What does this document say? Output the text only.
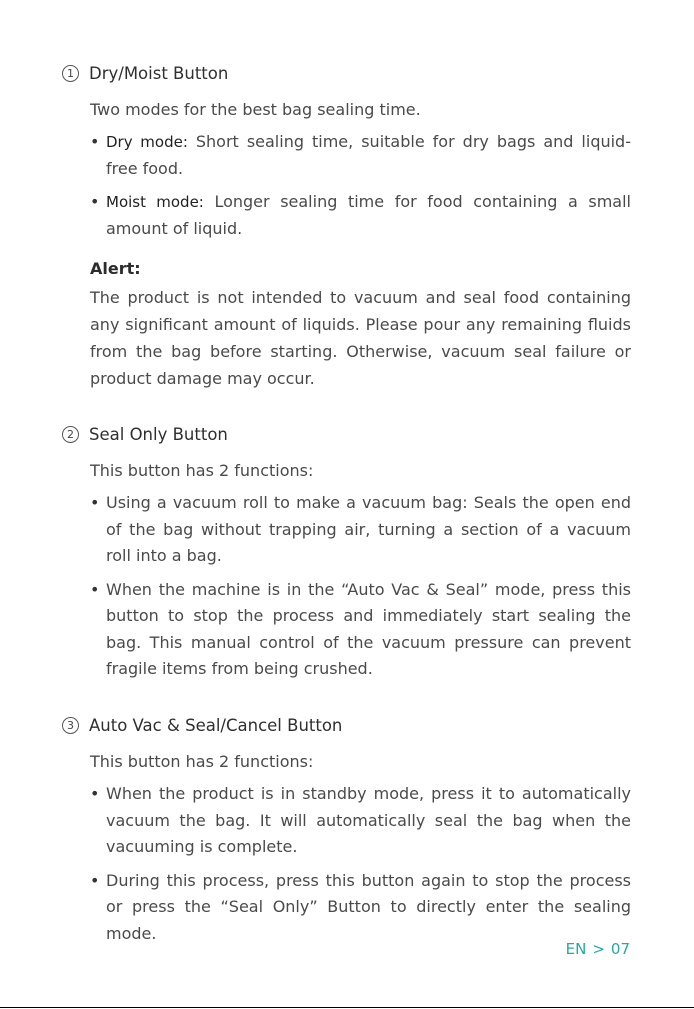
1 Dry/Moist Button
Two modes for the best bag sealing time.
• Dry mode: Short sealing time, suitable for dry bags and liquid-free food.
• Moist mode: Longer sealing time for food containing a small amount of liquid.
Alert:
The product is not intended to vacuum and seal food containing any significant amount of liquids. Please pour any remaining fluids from the bag before starting. Otherwise, vacuum seal failure or product damage may occur.
2 Seal Only Button
This button has 2 functions:
• Using a vacuum roll to make a vacuum bag: Seals the open end of the bag without trapping air, turning a section of a vacuum roll into a bag.
• When the machine is in the “Auto Vac & Seal” mode, press this button to stop the process and immediately start sealing the bag. This manual control of the vacuum pressure can prevent fragile items from being crushed.
3 Auto Vac & Seal/Cancel Button
This button has 2 functions:
• When the product is in standby mode, press it to automatically vacuum the bag. It will automatically seal the bag when the vacuuming is complete.
• During this process, press this button again to stop the process or press the “Seal Only” Button to directly enter the sealing mode.
EN > 07
